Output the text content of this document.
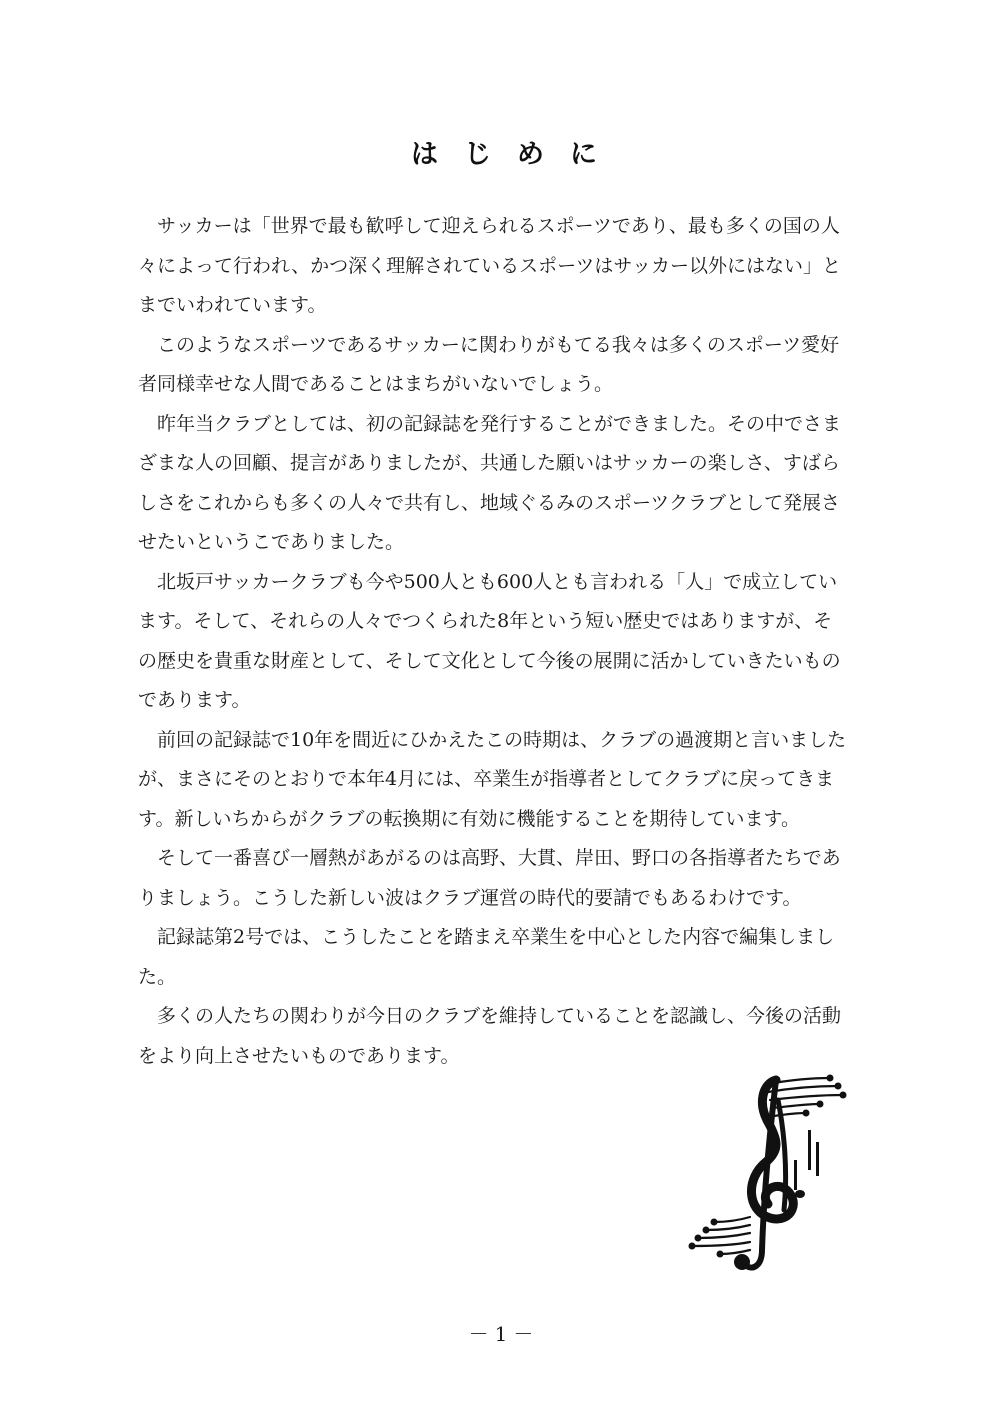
はじめに
サッカーは「世界で最も歓呼して迎えられるスポーツであり、最も多くの国の人
々によって行われ、かつ深く理解されているスポーツはサッカー以外にはない」と
までいわれています。
このようなスポーツであるサッカーに関わりがもてる我々は多くのスポーツ愛好
者同様幸せな人間であることはまちがいないでしょう。
昨年当クラブとしては、初の記録誌を発行することができました。その中でさま
ざまな人の回顧、提言がありましたが、共通した願いはサッカーの楽しさ、すばら
しさをこれからも多くの人々で共有し、地域ぐるみのスポーツクラブとして発展さ
せたいというこでありました。
北坂戸サッカークラブも今や500人とも600人とも言われる「人」で成立してい
ます。そして、それらの人々でつくられた8年という短い歴史ではありますが、そ
の歴史を貴重な財産として、そして文化として今後の展開に活かしていきたいもの
であります。
前回の記録誌で10年を間近にひかえたこの時期は、クラブの過渡期と言いました
が、まさにそのとおりで本年4月には、卒業生が指導者としてクラブに戻ってきま
す。新しいちからがクラブの転換期に有効に機能することを期待しています。
そして一番喜び一層熱があがるのは高野、大貫、岸田、野口の各指導者たちであ
りましょう。こうした新しい波はクラブ運営の時代的要請でもあるわけです。
記録誌第2号では、こうしたことを踏まえ卒業生を中心とした内容で編集しまし
た。
多くの人たちの関わりが今日のクラブを維持していることを認識し、今後の活動
をより向上させたいものであります。
－1－
